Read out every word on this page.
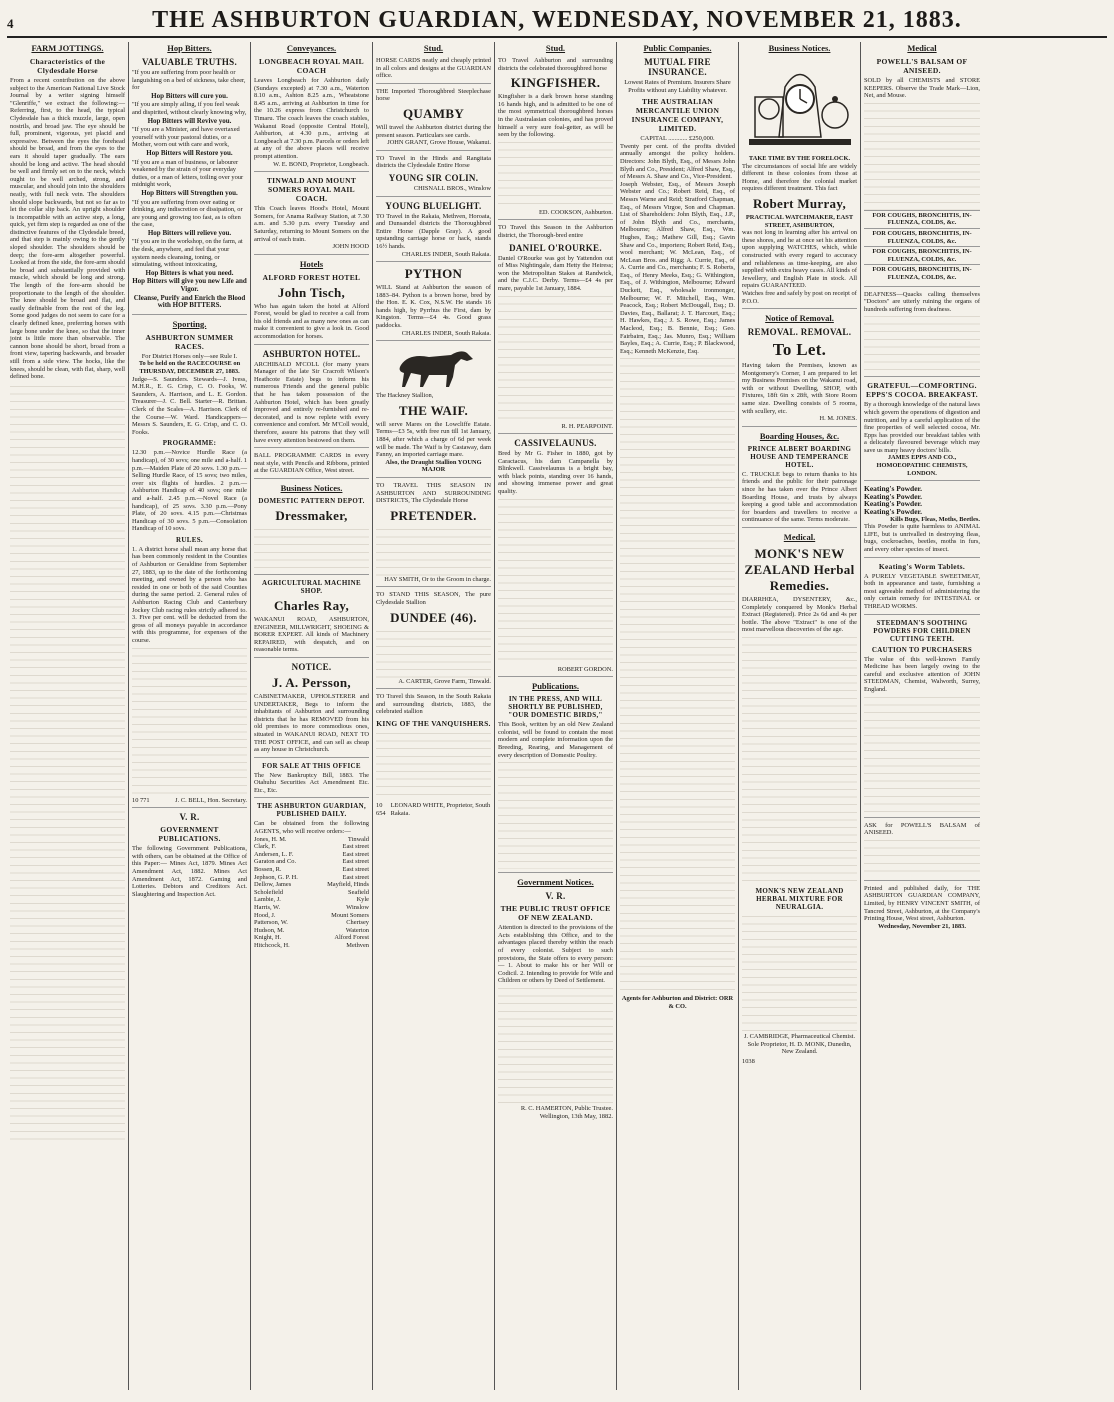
4	THE ASHBURTON GUARDIAN, WEDNESDAY, NOVEMBER 21, 1883.
FARM JOTTINGS.
Characteristics of the Clydesdale Horse

From a recent contribution on the above subject to the American National Live Stock Journal by a writer signing himself "Glenriffe," we extract the following:— Referring, first, to the head, the typical Clydesdale has a thick muzzle, large, open nostrils, and broad jaw. The eye should be full, prominent, vigorous, yet placid and expressive. Between the eyes the forehead should be broad, and from the eyes to the ears it should taper gradually. The ears should be long and active. The head should be well and firmly set on to the neck, which ought to be well arched, strong, and muscular, and should join into the shoulders neatly, with full neck vein. The shoulders should slope backwards, but not so far as to let the collar slip back. An upright shoulder is incompatible with an active step, a long, quick, yet firm step is regarded as one of the distinctive features of the Clydesdale breed, and that step is mainly owing to the gently sloped shoulder. The shoulders should be deep; the fore-arm altogether powerful. Looked at from the side, the fore-arm should be broad and substantially provided with muscle, which should be long and strong. The length of the fore-arm should be proportionate to the length of the shoulder. The knee should be broad and flat, and easily definable from the rest of the leg. Some good judges do not seem to care for a clearly defined knee, preferring horses with large bone under the knee, so that the inner joint is little more than observable. The cannon bone should be short, broad from a front view, tapering backwards, and broader still from a side view. The hocks, like the knees, should be clean, with flat, sharp, well defined bone.

Hop Bitters.
VALUABLE TRUTHS.
"If you are suffering from poor health or languishing on a bed of sickness, take cheer, for
Hop Bitters will cure you.
"If you are simply ailing, if you feel weak and dispirited, without clearly knowing why,
Hop Bitters will Revive you.
"If you are a Minister, and have overtaxed yourself with your pastoral duties, or a Mother, worn out with care and work,
Hop Bitters will Restore you.
"If you are a man of business, or labourer weakened by the strain of your everyday duties, or a man of letters, toiling over your midnight work,
Hop Bitters will Strengthen you.
"If you are suffering from over eating or drinking, any indiscretion or dissipation, or are young and growing too fast, as is often the case,
Hop Bitters will relieve you.
"If you are in the workshop, on the farm, at the desk, anywhere, and feel that your system needs cleansing, toning, or stimulating, without intoxicating,
Hop Bitters is what you need.
Hop Bitters will give you new Life and Vigor.
Cleanse, Purify and Enrich the Blood with HOP BITTERS.
Sporting.
ASHBURTON SUMMER RACES.

For District Horses only—see Rule I.

To be held on the RACECOURSE on THURSDAY, DECEMBER 27, 1883.

Judge—S. Saunders. Stewards—J. Ivess, M.H.R., E. G. Crisp, C. O. Fooks, W. Saunders, A. Harrison, and L. E. Gordon. Treasurer—J. C. Bell. Starter—R. Brittan. Clerk of the Scales—A. Harrison. Clerk of the Course—W. Ward. Handicappers—Messrs S. Saunders, E. G. Crisp, and C. O. Fooks.

PROGRAMME:

12.30 p.m.—Novice Hurdle Race (a handicap), of 30 sovs; one mile and a-half. 1 p.m.—Maiden Plate of 20 sovs. 1.30 p.m.—Selling Hurdle Race, of 15 sovs; two miles, over six flights of hurdles. 2 p.m.—Ashburton Handicap of 40 sovs; one mile and a-half. 2.45 p.m.—Novel Race (a handicap), of 25 sovs. 3.30 p.m.—Pony Plate, of 20 sovs. 4.15 p.m.—Christmas Handicap of 30 sovs. 5 p.m.—Consolation Handicap of 10 sovs.

RULES.

1. A district horse shall mean any horse that has been commonly resident in the Counties of Ashburton or Geraldine from September 27, 1883, up to the date of the forthcoming meeting, and owned by a person who has resided in one or both of the said Counties during the same period. 2. General rules of Ashburton Racing Club and Canterbury Jockey Club racing rules strictly adhered to. 3. Five per cent. will be deducted from the gross of all moneys payable in accordance with this programme, for expenses of the course.

10 771	J. C. BELL, Hon. Secretary.
V. R.
GOVERNMENT PUBLICATIONS.

The following Government Publications, with others, can be obtained at the Office of this Paper:— Mines Act, 1879. Mines Act Amendment Act, 1882. Mines Act Amendment Act, 1872. Gaming and Lotteries. Debtors and Creditors Act. Slaughtering and Inspection Act.

Conveyances.
LONGBEACH ROYAL MAIL COACH

Leaves Longbeach for Ashburton daily (Sundays excepted) at 7.30 a.m., Waterton 8.10 a.m., Ashton 8.25 a.m., Wheatstone 8.45 a.m., arriving at Ashburton in time for the 10.26 express from Christchurch to Timaru. The coach leaves the coach stables, Wakanui Road (opposite Central Hotel), Ashburton, at 4.30 p.m., arriving at Longbeach at 7.30 p.m. Parcels or orders left at any of the above places will receive prompt attention.

W. E. BOND, Proprietor, Longbeach.

TINWALD AND MOUNT SOMERS ROYAL MAIL COACH.

This Coach leaves Hood's Hotel, Mount Somers, for Anama Railway Station, at 7.30 a.m. and 5.30 p.m. every Tuesday and Saturday, returning to Mount Somers on the arrival of each train.

JOHN HOOD

Hotels
ALFORD FOREST HOTEL
John Tisch,

Who has again taken the hotel at Alford Forest, would be glad to receive a call from his old friends and as many new ones as can make it convenient to give a look in. Good accommodation for horses.

ASHBURTON HOTEL.

ARCHIBALD M'COLL (for many years Manager of the late Sir Cracroft Wilson's Heathcote Estate) begs to inform his numerous Friends and the general public that he has taken possession of the Ashburton Hotel, which has been greatly improved and entirely re-furnished and re-decorated, and is now replete with every convenience and comfort. Mr M'Coll would, therefore, assure his patrons that they will have every attention bestowed on them.

BALL PROGRAMME CARDS in every neat style, with Pencils and Ribbons, printed at the GUARDIAN Office, West street.

Business Notices.
DOMESTIC PATTERN DEPOT.
Dressmaker,
AGRICULTURAL MACHINE SHOP.
Charles Ray,

WAKANUI ROAD, ASHBURTON, ENGINEER, MILLWRIGHT, SHOEING & BORER EXPERT. All kinds of Machinery REPAIRED, with despatch, and on reasonable terms.

NOTICE.
J. A. Persson,

CABINETMAKER, UPHOLSTERER and UNDERTAKER, Begs to inform the inhabitants of Ashburton and surrounding districts that he has REMOVED from his old premises to more commodious ones, situated in WAKANUI ROAD, NEXT TO THE POST OFFICE, and can sell as cheap as any house in Christchurch.

FOR SALE AT THIS OFFICE

The New Bankruptcy Bill, 1883. The Otahuhu Securities Act Amendment Etc. Etc., Etc.

THE ASHBURTON GUARDIAN, PUBLISHED DAILY.

Can be obtained from the following AGENTS, who will receive orders:—

Jones, H. M.	Tinwald
Clark, F.	East street
Andersen, L. F.	East street
Garaton and Co.	East street
Bossen, R.	East street
Jephson, G. P. H.	East street
Dellow, James	Mayfield, Hinds
Scholefield	Seafield
Lambie, J.	Kyle
Harris, W.	Winslow
Hood, J.	Mount Somers
Patterson, W.	Chertsey
Hudson, M.	Waterton
Knight, H.	Alford Forest
Hitchcock, H.	Methven
Stud.

HORSE CARDS neatly and cheaply printed in all colors and designs at the GUARDIAN office.

THE Imported Thoroughbred Steeplechase horse

QUAMBY

Will travel the Ashburton district during the present season. Particulars see cards.

JOHN GRANT, Grove House, Wakanui.

TO Travel in the Hinds and Rangitata districts the Clydesdale Entire Horse

YOUNG SIR COLIN.

CHISNALL BROS., Winslow

YOUNG BLUELIGHT.

TO Travel in the Rakaia, Methven, Horoata, and Dunsandel districts the Thoroughbred Entire Horse (Dapple Gray). A good upstanding carriage horse or hack, stands 16½ hands.

CHARLES INDER, South Rakaia.

PYTHON

WILL Stand at Ashburton the season of 1883–84. Python is a brown horse, bred by the Hon. E. K. Cox, N.S.W. He stands 16 hands high, by Pyrrhus the First, dam by Kingston. Terms—£4 4s. Good grass paddocks.

CHARLES INDER, South Rakaia.

The Hackney Stallion,

THE WAIF.

will serve Mares on the Lowcliffe Estate. Terms—£3 5s, with free run till 1st January, 1884, after which a charge of 6d per week will be made. The Waif is by Castaway, dam Fanny, an imported carriage mare.

Also, the Draught Stallion YOUNG MAJOR

TO TRAVEL THIS SEASON IN ASHBURTON AND SURROUNDING DISTRICTS, The Clydesdale Horse

PRETENDER.

HAY SMITH, Or to the Groom in charge.

TO STAND THIS SEASON, The pure Clydesdale Stallion

DUNDEE (46).

A. CARTER, Grove Farm, Tinwald.

TO Travel this Season, in the South Rakaia and surrounding districts, 1883, the celebrated stallion

KING OF THE VANQUISHERS.
10 654
LEONARD WHITE, Proprietor, South Rakaia.
Stud.

TO Travel Ashburton and surrounding districts the celebrated thoroughbred horse

KINGFISHER.

Kingfisher is a dark brown horse standing 16 hands high, and is admitted to be one of the most symmetrical thoroughbred horses in the Australasian colonies, and has proved himself a very sure foal-getter, as will be seen by the following.

ED. COOKSON, Ashburton.

TO Travel this Season in the Ashburton district, the Thorough-bred entire

DANIEL O'ROURKE.

Daniel O'Rourke was got by Yattendon out of Miss Nightingale, dam Hetty the Heiress; won the Metropolitan Stakes at Randwick, and the C.J.C. Derby. Terms—£4 4s per mare, payable 1st January, 1884.

R. H. PEARPOINT.

CASSIVELAUNUS.

Bred by Mr G. Fisher in 1880, got by Caractacus, his dam Campanella by Blinkwell. Cassivelaunus is a bright bay, with black points, standing over 16 hands, and showing immense power and great quality.

ROBERT GORDON.

Publications.
IN THE PRESS, AND WILL SHORTLY BE PUBLISHED, "OUR DOMESTIC BIRDS,"

This Book, written by an old New Zealand colonist, will be found to contain the most modern and complete information upon the Breeding, Rearing, and Management of every description of Domestic Poultry.

Government Notices.
V. R.
THE PUBLIC TRUST OFFICE OF NEW ZEALAND.

Attention is directed to the provisions of the Acts establishing this Office, and to the advantages placed thereby within the reach of every colonist. Subject to such provisions, the State offers to every person:— 1. About to make his or her Will or Codicil. 2. Intending to provide for Wife and Children or others by Deed of Settlement.

R. C. HAMERTON, Public Trustee. Wellington, 13th May, 1882.

Public Companies.
MUTUAL FIRE INSURANCE.

Lowest Rates of Premium. Insurers Share Profits without any Liability whatever.

THE AUSTRALIAN MERCANTILE UNION INSURANCE COMPANY, LIMITED.

CAPITAL ............ £250,000.

Twenty per cent. of the profits divided annually amongst the policy holders. Directors: John Blyth, Esq., of Messrs John Blyth and Co., President; Alfred Shaw, Esq., of Messrs A. Shaw and Co., Vice-President.

Joseph Webster, Esq., of Messrs Joseph Webster and Co.; Robert Reid, Esq., of Messrs Warne and Reid; Stratford Chapman, Esq., of Messrs Virgoe, Son and Chapman. List of Shareholders: John Blyth, Esq., J.P., of John Blyth and Co., merchants, Melbourne; Alfred Shaw, Esq., Wm. Hughes, Esq.; Mathew Gill, Esq.; Gavin Shaw and Co., importers; Robert Reid, Esq., wool merchant; W. McLean, Esq., of McLean Bros. and Rigg; A. Currie, Esq., of A. Currie and Co., merchants; F. S. Roberts, Esq., of Henry Meeks, Esq.; G. Withington, Esq., of J. Withington, Melbourne; Edward Duckett, Esq., wholesale ironmonger, Melbourne; W. F. Mitchell, Esq., Wm. Peacock, Esq.; Robert McDougall, Esq.; D. Davies, Esq., Ballarat; J. T. Harcourt, Esq.; H. Hawkes, Esq.; J. S. Rowe, Esq.; James Macleod, Esq.; B. Bennie, Esq.; Geo. Fairbairn, Esq.; Jas. Munro, Esq.; William Bayles, Esq.; A. Currie, Esq.; P. Blackwood, Esq.; Kenneth McKenzie, Esq.

Agents for Ashburton and District: ORR & CO.

Business Notices.

TAKE TIME BY THE FORELOCK.

The circumstances of social life are widely different in these colonies from those at Home, and therefore the colonial market requires different treatment. This fact

Robert Murray,

PRACTICAL WATCHMAKER, EAST STREET, ASHBURTON,

was not long in learning after his arrival on these shores, and he at once set his attention upon supplying WATCHES, which, while constructed with every regard to accuracy and reliableness as time-keeping, are also supplied with extra heavy cases. All kinds of Jewellery, and English Plate in stock. All repairs GUARANTEED.

Watches free and safely by post on receipt of P.O.O.

Notice of Removal.
REMOVAL. REMOVAL.
To Let.

Having taken the Premises, known as Montgomery's Corner, I am prepared to let my Business Premises on the Wakanui road, with or without Dwelling, SHOP, with Fixtures, 18ft 6in x 28ft, with Store Room same size. Dwelling consists of 5 rooms, with scullery, etc.

H. M. JONES.

Boarding Houses, &c.
PRINCE ALBERT BOARDING HOUSE AND TEMPERANCE HOTEL.

C. TRUCKLE begs to return thanks to his friends and the public for their patronage since he has taken over the Prince Albert Boarding House, and trusts by always keeping a good table and accommodation for boarders and travellers to receive a continuance of the same. Terms moderate.

Medical.
MONK'S NEW ZEALAND Herbal Remedies.

DIARRHŒA, DYSENTERY, &c., Completely conquered by Monk's Herbal Extract (Registered). Price 2s 6d and 4s per bottle. The above "Extract" is one of the most marvellous discoveries of the age.

MONK'S NEW ZEALAND HERBAL MIXTURE FOR NEURALGIA.

J. CAMBRIDGE, Pharmaceutical Chemist. Sole Proprietor, H. D. MONK, Dunedin, New Zealand.

1038
Medical
POWELL'S BALSAM OF ANISEED.

SOLD by all CHEMISTS and STORE KEEPERS. Observe the Trade Mark—Lion, Net, and Mouse.

FOR COUGHS, BRONCHITIS, IN-FLUENZA, COLDS, &c.
FOR COUGHS, BRONCHITIS, IN-FLUENZA, COLDS, &c.
FOR COUGHS, BRONCHITIS, IN-FLUENZA, COLDS, &c.
FOR COUGHS, BRONCHITIS, IN-FLUENZA, COLDS, &c.

DEAFNESS—Quacks calling themselves "Doctors" are utterly ruining the organs of hundreds suffering from deafness.

GRATEFUL—COMFORTING. EPPS'S COCOA. BREAKFAST.

By a thorough knowledge of the natural laws which govern the operations of digestion and nutrition, and by a careful application of the fine properties of well selected cocoa, Mr. Epps has provided our breakfast tables with a delicately flavoured beverage which may save us many heavy doctors' bills.

JAMES EPPS AND CO., HOMOEOPATHIC CHEMISTS, LONDON.

Keating's Powder.
Keating's Powder.
Keating's Powder.
Keating's Powder.

Kills Bugs, Fleas, Moths, Beetles.

This Powder is quite harmless to ANIMAL LIFE, but is unrivalled in destroying fleas, bugs, cockroaches, beetles, moths in furs, and every other species of insect.

Keating's Worm Tablets.

A PURELY VEGETABLE SWEETMEAT, both in appearance and taste, furnishing a most agreeable method of administering the only certain remedy for INTESTINAL or THREAD WORMS.

STEEDMAN'S SOOTHING POWDERS FOR CHILDREN CUTTING TEETH.
CAUTION TO PURCHASERS

The value of this well-known Family Medicine has been largely owing to the careful and exclusive attention of JOHN STEEDMAN, Chemist, Walworth, Surrey, England.

ASK for POWELL'S BALSAM of ANISEED.

Printed and published daily, for THE ASHBURTON GUARDIAN COMPANY, Limited, by HENRY VINCENT SMITH, of Tancred Street, Ashburton, at the Company's Printing House, West street, Ashburton.

Wednesday, November 21, 1883.
